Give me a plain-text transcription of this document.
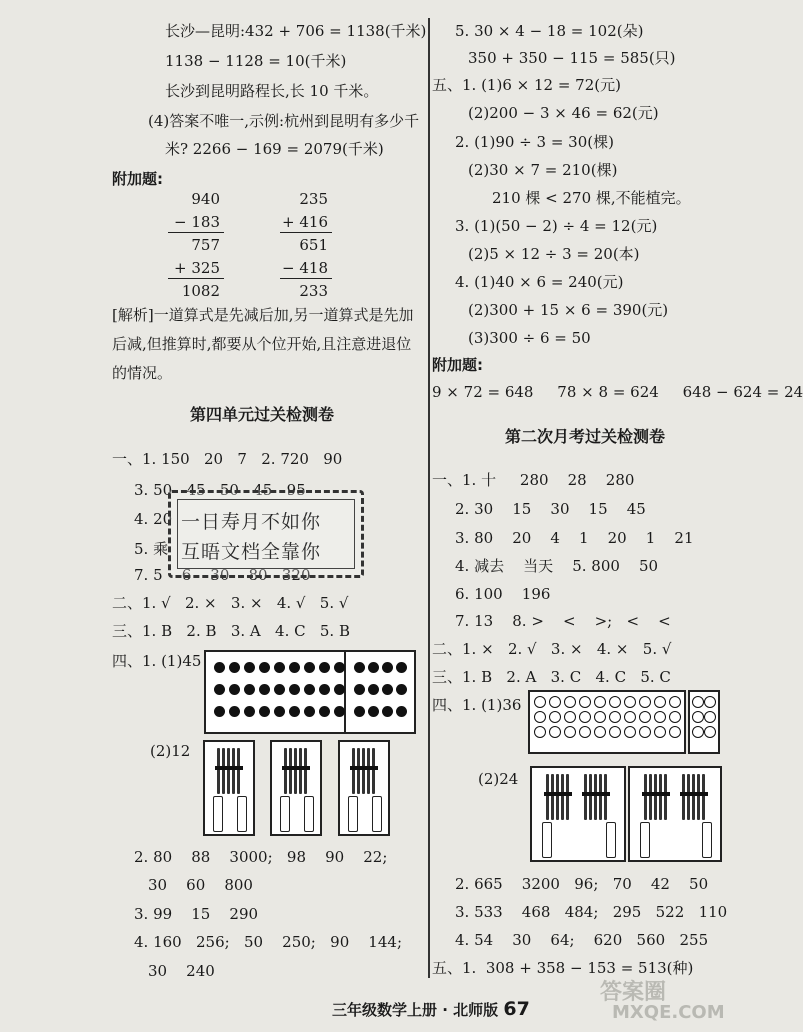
长沙—昆明:432 + 706 = 1138(千米)
1138 − 1128 = 10(千米)
长沙到昆明路程长,长 10 千米。
(4)答案不唯一,示例:杭州到昆明有多少千
米? 2266 − 169 = 2079(千米)
附加题:
940
− 183
757
+ 325
1082
235
+ 416
651
− 418
233
[解析]一道算式是先减后加,另一道算式是先加
后减,但推算时,都要从个位开始,且注意进退位
的情况。
第四单元过关检测卷
一、1. 150   20   7   2. 720   90
3. 50   45   50   45   95
4. 20
5. 乘
7. 5    6    30    80   320
二、1. √   2. ×   3. ×   4. √   5. √
三、1. B   2. B   3. A   4. C   5. B
四、1. (1)45
一日寿月不如你
互晤文档全靠你
(2)12
2. 80    88    3000;   98    90    22;
30    60    800
3. 99    15    290
4. 160   256;   50    250;   90    144;
30    240
5. 30 × 4 − 18 = 102(朵)
350 + 350 − 115 = 585(只)
五、1. (1)6 × 12 = 72(元)
(2)200 − 3 × 46 = 62(元)
2. (1)90 ÷ 3 = 30(棵)
(2)30 × 7 = 210(棵)
210 棵 < 270 棵,不能植完。
3. (1)(50 − 2) ÷ 4 = 12(元)
(2)5 × 12 ÷ 3 = 20(本)
4. (1)40 × 6 = 240(元)
(2)300 + 15 × 6 = 390(元)
(3)300 ÷ 6 = 50
附加题:
9 × 72 = 648     78 × 8 = 624     648 − 624 = 24
第二次月考过关检测卷
一、1. 十     280    28    280
2. 30    15    30    15    45
3. 80    20    4    1    20    1    21
4. 减去    当天    5. 800    50
6. 100    196
7. 13    8. >    <    >;   <    <
二、1. ×   2. √   3. ×   4. ×   5. √
三、1. B   2. A   3. C   4. C   5. C
四、1. (1)36
(2)24
2. 665    3200   96;   70    42    50
3. 533    468   484;   295   522   110
4. 54    30    64;    620   560   255
五、1.  308 + 358 − 153 = 513(种)
三年级数学上册 · 北师版 67
答案圈
MXQE.COM
